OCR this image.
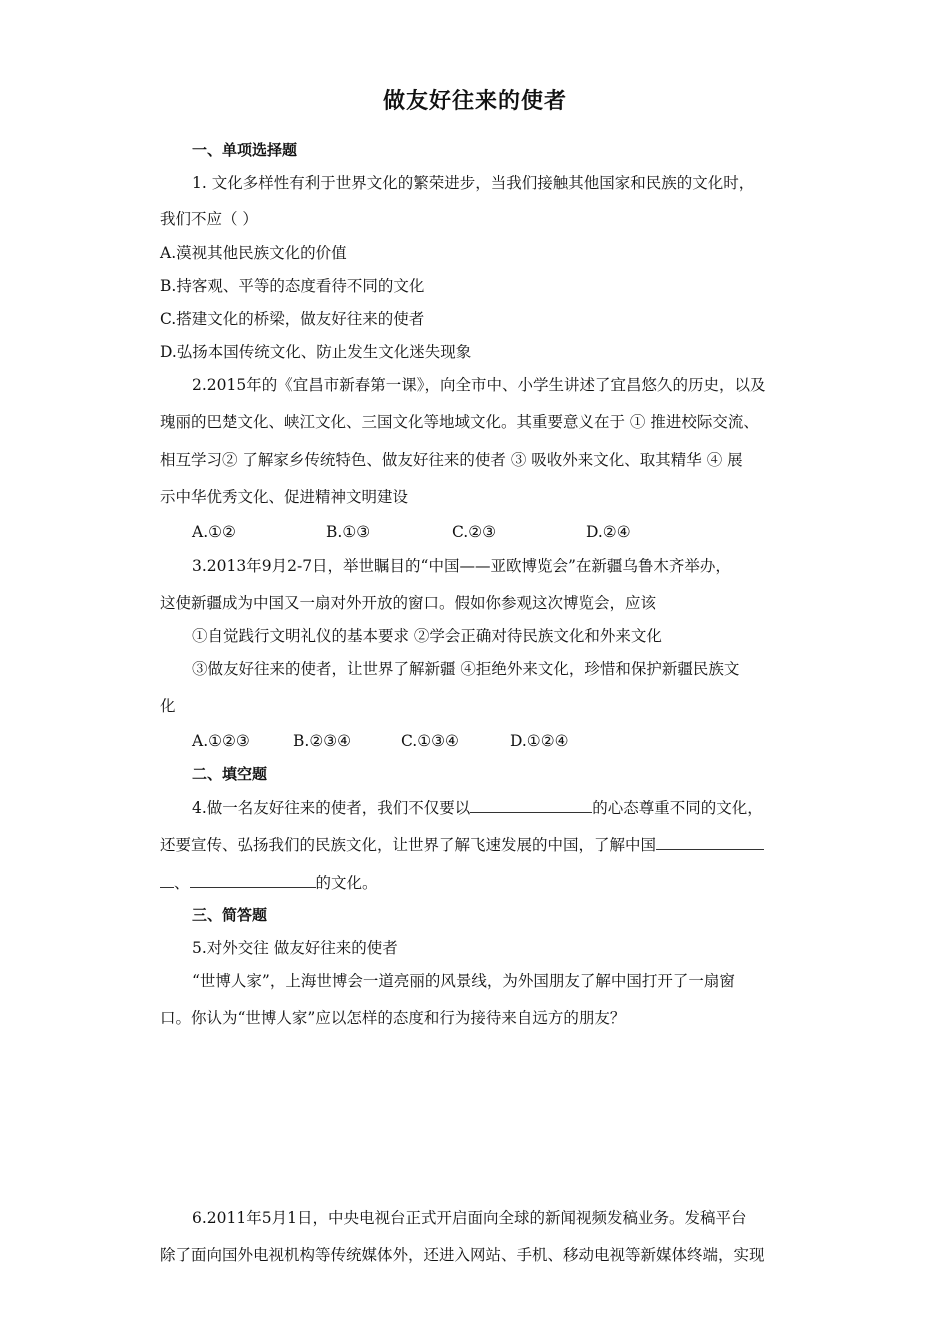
做友好往来的使者
一、单项选择题
1. 文化多样性有利于世界文化的繁荣进步，当我们接触其他国家和民族的文化时，
我们不应（ ）
A.漠视其他民族文化的价值
B.持客观、平等的态度看待不同的文化
C.搭建文化的桥梁，做友好往来的使者
D.弘扬本国传统文化、防止发生文化迷失现象
2.2015年的《宜昌市新春第一课》，向全市中、小学生讲述了宜昌悠久的历史，以及
瑰丽的巴楚文化、峡江文化、三国文化等地域文化。其重要意义在于 ① 推进校际交流、
相互学习② 了解家乡传统特色、做友好往来的使者 ③ 吸收外来文化、取其精华 ④ 展
示中华优秀文化、促进精神文明建设
A.①②	B.①③	C.②③	D.②④
3.2013年9月2-7日，举世瞩目的“中国——亚欧博览会”在新疆乌鲁木齐举办，
这使新疆成为中国又一扇对外开放的窗口。假如你参观这次博览会，应该
①自觉践行文明礼仪的基本要求 ②学会正确对待民族文化和外来文化
③做友好往来的使者，让世界了解新疆 ④拒绝外来文化，珍惜和保护新疆民族文
化
A.①②③	B.②③④	C.①③④	D.①②④
二、填空题
4.做一名友好往来的使者，我们不仅要以	的心态尊重不同的文化，
还要宣传、弘扬我们的民族文化，让世界了解飞速发展的中国，了解中国
、	的文化。
三、简答题
5.对外交往 做友好往来的使者
“世博人家”，上海世博会一道亮丽的风景线，为外国朋友了解中国打开了一扇窗
口。你认为“世博人家”应以怎样的态度和行为接待来自远方的朋友？
6.2011年5月1日，中央电视台正式开启面向全球的新闻视频发稿业务。发稿平台
除了面向国外电视机构等传统媒体外，还进入网站、手机、移动电视等新媒体终端，实现
